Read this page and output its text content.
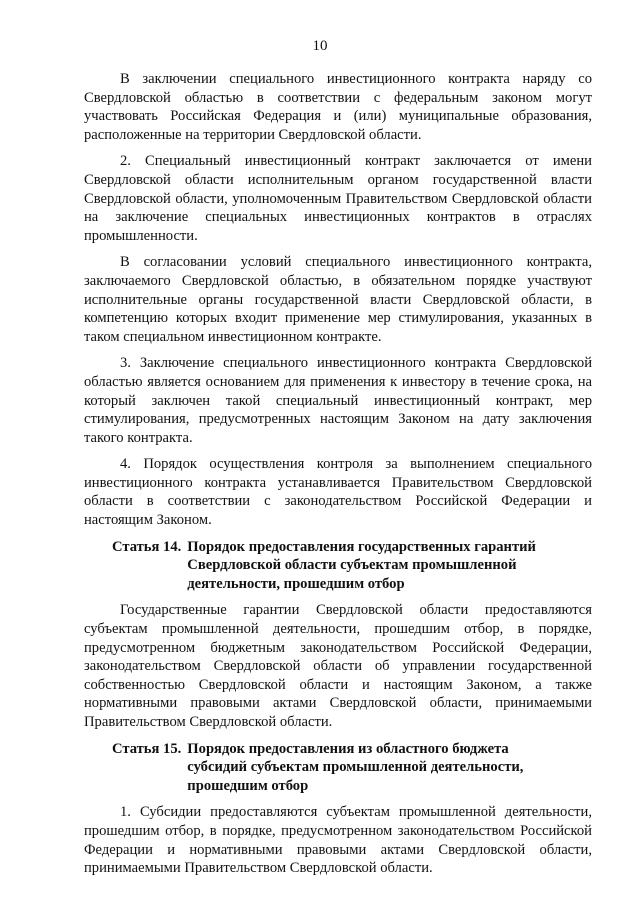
10

В заключении специального инвестиционного контракта наряду со Свердловской областью в соответствии с федеральным законом могут участвовать Российская Федерация и (или) муниципальные образования, расположенные на территории Свердловской области.

2. Специальный инвестиционный контракт заключается от имени Свердловской области исполнительным органом государственной власти Свердловской области, уполномоченным Правительством Свердловской области на заключение специальных инвестиционных контрактов в отраслях промышленности.

В согласовании условий специального инвестиционного контракта, заключаемого Свердловской областью, в обязательном порядке участвуют исполнительные органы государственной власти Свердловской области, в компетенцию которых входит применение мер стимулирования, указанных в таком специальном инвестиционном контракте.

3. Заключение специального инвестиционного контракта Свердловской областью является основанием для применения к инвестору в течение срока, на который заключен такой специальный инвестиционный контракт, мер стимулирования, предусмотренных настоящим Законом на дату заключения такого контракта.

4. Порядок осуществления контроля за выполнением специального инвестиционного контракта устанавливается Правительством Свердловской области в соответствии с законодательством Российской Федерации и настоящим Законом.

Статья 14. Порядок предоставления государственных гарантий Свердловской области субъектам промышленной деятельности, прошедшим отбор

Государственные гарантии Свердловской области предоставляются субъектам промышленной деятельности, прошедшим отбор, в порядке, предусмотренном бюджетным законодательством Российской Федерации, законодательством Свердловской области об управлении государственной собственностью Свердловской области и настоящим Законом, а также нормативными правовыми актами Свердловской области, принимаемыми Правительством Свердловской области.

Статья 15. Порядок предоставления из областного бюджета субсидий субъектам промышленной деятельности, прошедшим отбор

1. Субсидии предоставляются субъектам промышленной деятельности, прошедшим отбор, в порядке, предусмотренном законодательством Российской Федерации и нормативными правовыми актами Свердловской области, принимаемыми Правительством Свердловской области.
